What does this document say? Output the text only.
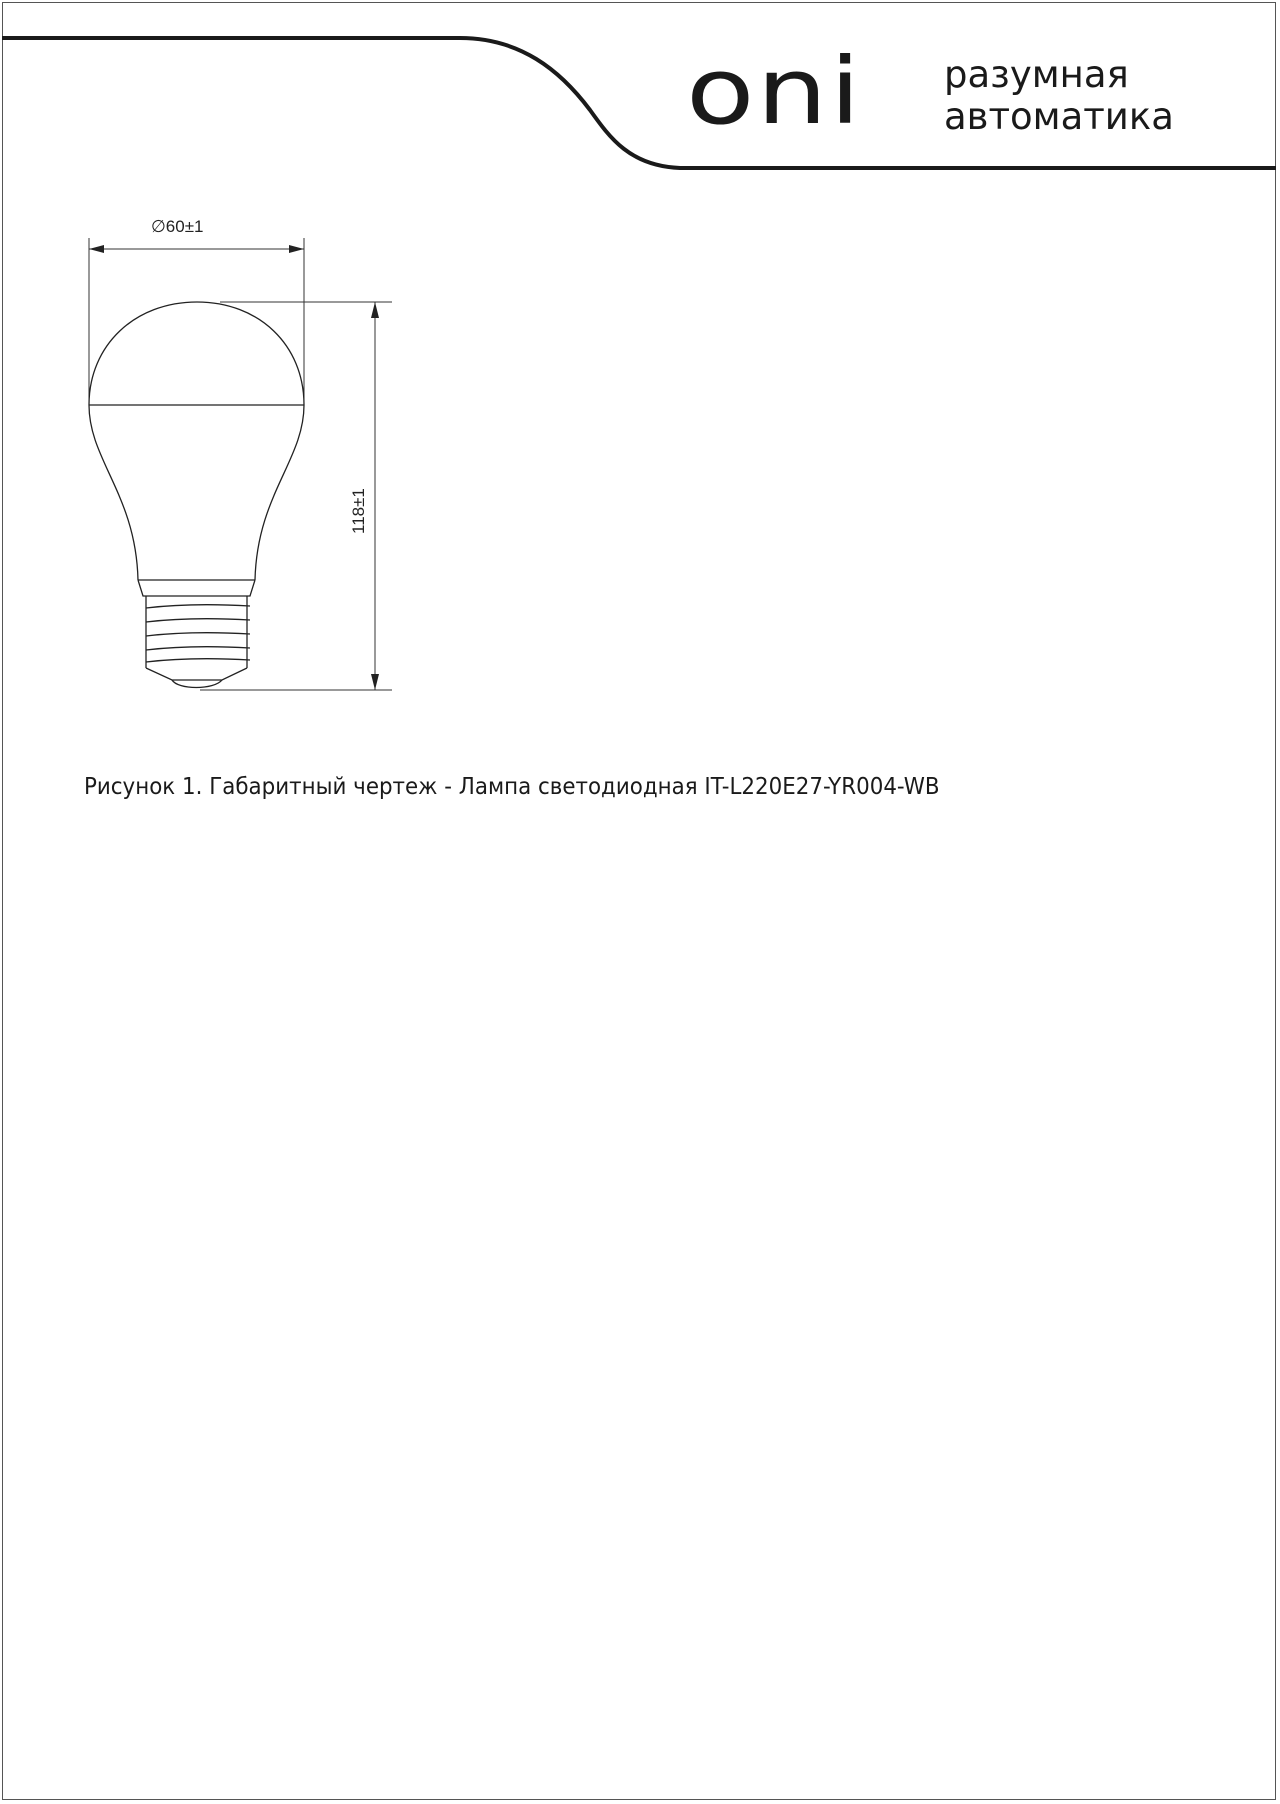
oni разумная
автоматика
∅60±1
118±1
Рисунок 1. Габаритный чертеж - Лампа светодиодная IT-L220E27-YR004-WB
